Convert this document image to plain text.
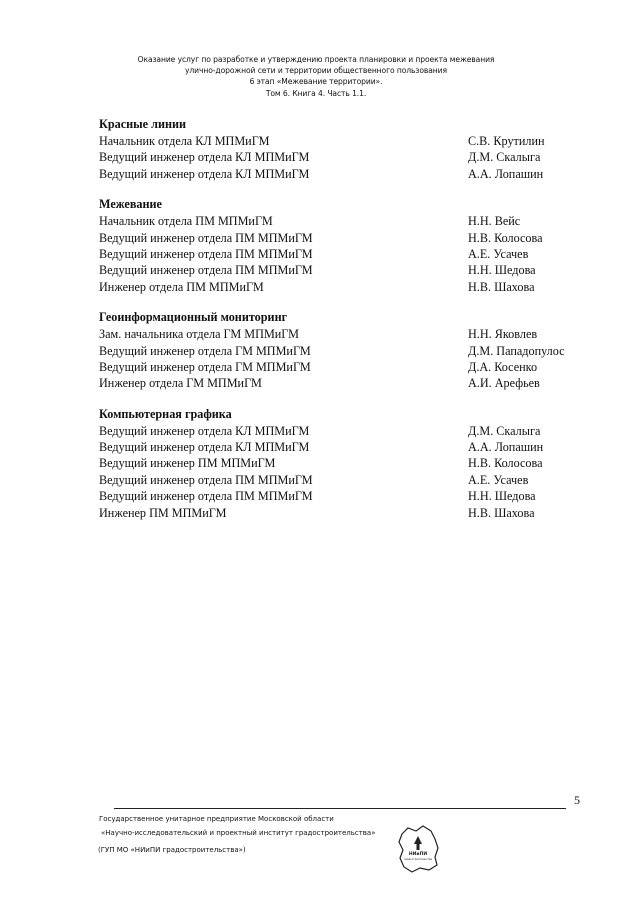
Оказание услуг по разработке и утверждению проекта планировки и проекта межевания
улично-дорожной сети и территории общественного пользования
6 этап «Межевание территории».
Том 6. Книга 4. Часть 1.1.
Красные линии
Начальник отдела КЛ МПМиГМ	С.В. Крутилин
Ведущий инженер отдела КЛ МПМиГМ	Д.М. Скалыга
Ведущий инженер отдела КЛ МПМиГМ	А.А. Лопашин
Межевание
Начальник отдела ПМ МПМиГМ	Н.Н. Вейс
Ведущий инженер отдела ПМ МПМиГМ	Н.В. Колосова
Ведущий инженер отдела ПМ МПМиГМ	А.Е. Усачев
Ведущий инженер отдела ПМ МПМиГМ	Н.Н. Шедова
Инженер отдела ПМ МПМиГМ	Н.В. Шахова
Геоинформационный мониторинг
Зам. начальника отдела ГМ МПМиГМ	Н.Н. Яковлев
Ведущий инженер отдела ГМ МПМиГМ	Д.М. Пападопулос
Ведущий инженер отдела ГМ МПМиГМ	Д.А. Косенко
Инженер отдела ГМ МПМиГМ	А.И. Арефьев
Компьютерная графика
Ведущий инженер отдела КЛ МПМиГМ	Д.М. Скалыга
Ведущий инженер отдела КЛ МПМиГМ	А.А. Лопашин
Ведущий инженер ПМ МПМиГМ	Н.В. Колосова
Ведущий инженер отдела ПМ МПМиГМ	А.Е. Усачев
Ведущий инженер отдела ПМ МПМиГМ	Н.Н. Шедова
Инженер ПМ МПМиГМ	Н.В. Шахова
5
Государственное унитарное предприятие Московской области
«Научно-исследовательский и проектный институт градостроительства»
(ГУП МО «НИиПИ градостроительства»)
НИиПИ
градостроительства
